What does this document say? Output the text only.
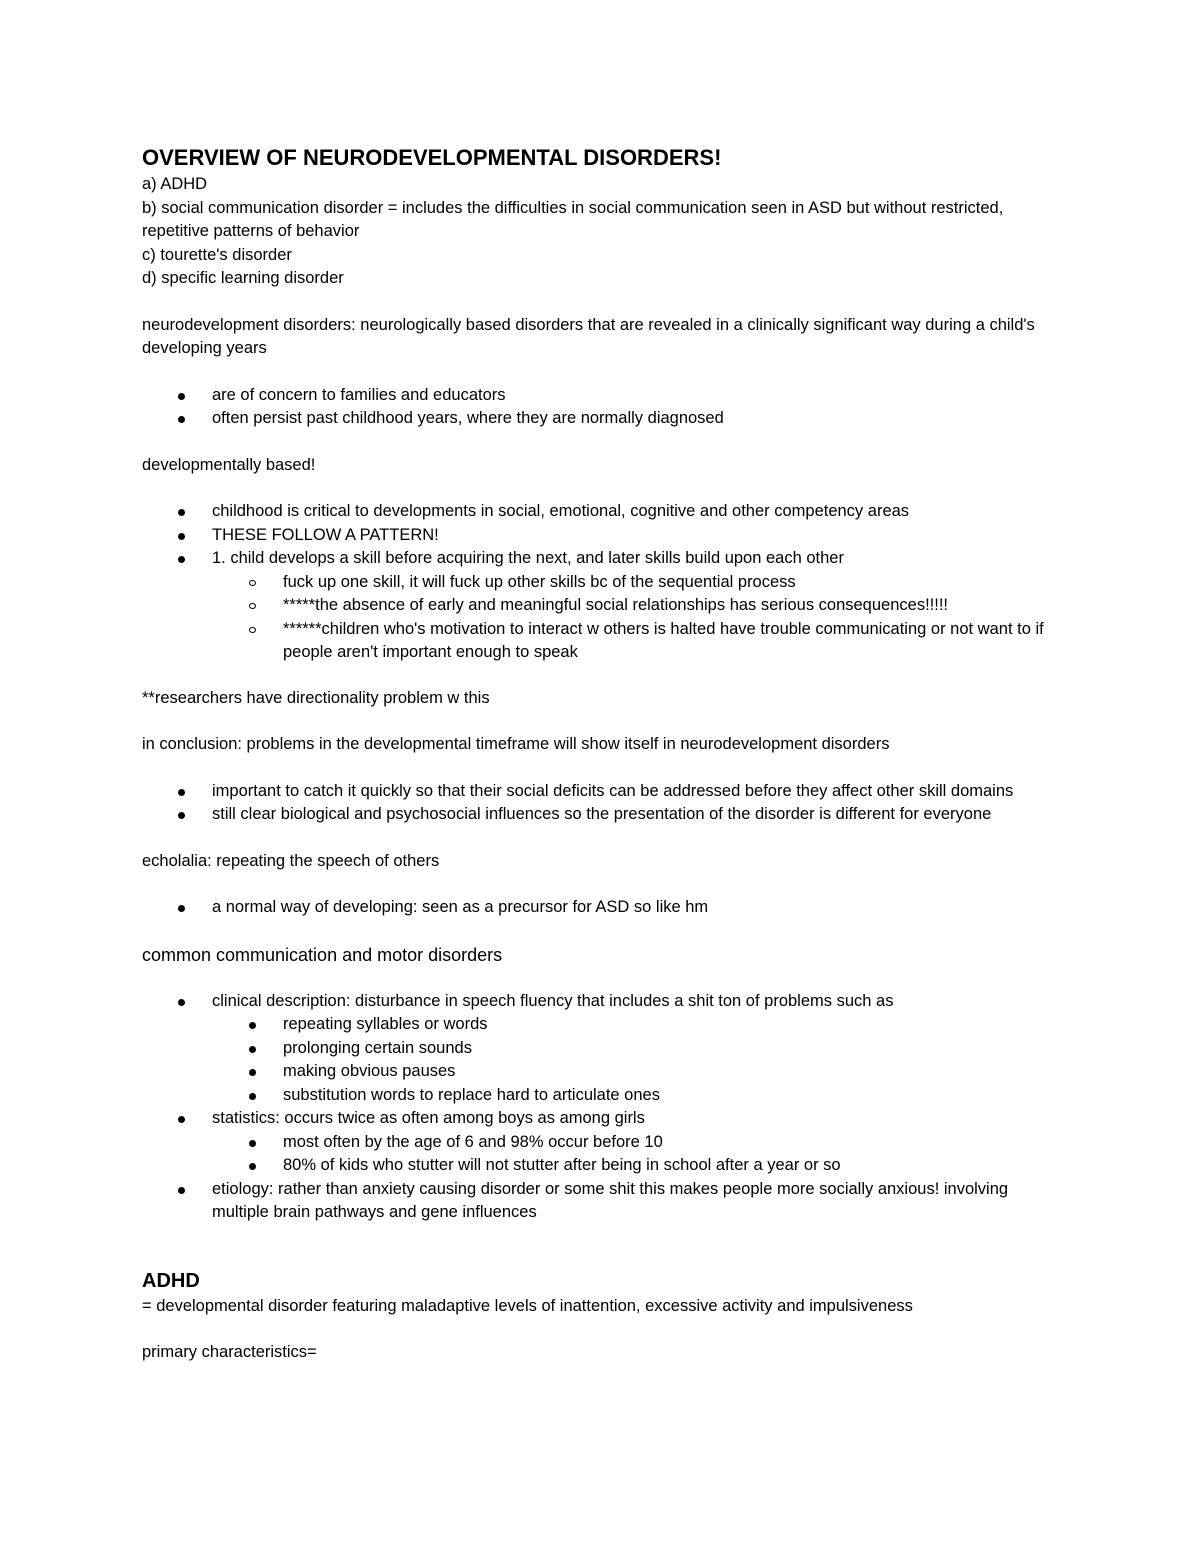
OVERVIEW OF NEURODEVELOPMENTAL DISORDERS!

a) ADHD

b) social communication disorder = includes the difficulties in social communication seen in ASD but without restricted, repetitive patterns of behavior

c) tourette's disorder

d) specific learning disorder

neurodevelopment disorders: neurologically based disorders that are revealed in a clinically significant way during a child's developing years

are of concern to families and educators
often persist past childhood years, where they are normally diagnosed

developmentally based!

childhood is critical to developments in social, emotional, cognitive and other competency areas
THESE FOLLOW A PATTERN!
1. child develops a skill before acquiring the next, and later skills build upon each other
fuck up one skill, it will fuck up other skills bc of the sequential process
*****the absence of early and meaningful social relationships has serious consequences!!!!!
******children who's motivation to interact w others is halted have trouble communicating or not want to if people aren't important enough to speak

**researchers have directionality problem w this

in conclusion: problems in the developmental timeframe will show itself in neurodevelopment disorders

important to catch it quickly so that their social deficits can be addressed before they affect other skill domains
still clear biological and psychosocial influences so the presentation of the disorder is different for everyone

echolalia: repeating the speech of others

a normal way of developing: seen as a precursor for ASD so like hm
common communication and motor disorders
clinical description: disturbance in speech fluency that includes a shit ton of problems such as
repeating syllables or words
prolonging certain sounds
making obvious pauses
substitution words to replace hard to articulate ones
statistics: occurs twice as often among boys as among girls
most often by the age of 6 and 98% occur before 10
80% of kids who stutter will not stutter after being in school after a year or so
etiology: rather than anxiety causing disorder or some shit this makes people more socially anxious! involving multiple brain pathways and gene influences
ADHD

= developmental disorder featuring maladaptive levels of inattention, excessive activity and impulsiveness

primary characteristics=
